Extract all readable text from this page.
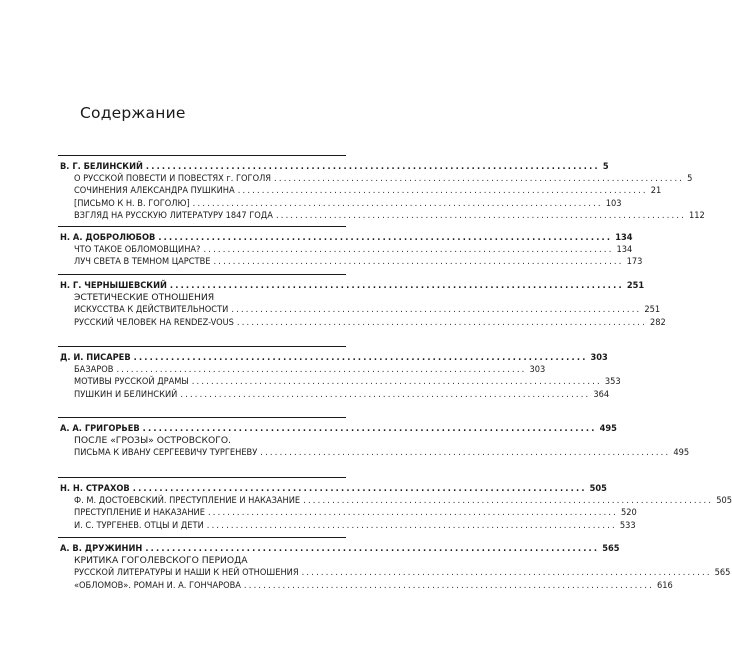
Содержание
В. Г. БЕЛИНСКИЙ ..................................................................................... 5
О РУССКОЙ ПОВЕСТИ И ПОВЕСТЯХ г. ГОГОЛЯ ..................................................................................... 5
СОЧИНЕНИЯ АЛЕКСАНДРА ПУШКИНА ..................................................................................... 21
[ПИСЬМО К Н. В. ГОГОЛЮ] ..................................................................................... 103
ВЗГЛЯД НА РУССКУЮ ЛИТЕРАТУРУ 1847 ГОДА ..................................................................................... 112
Н. А. ДОБРОЛЮБОВ ..................................................................................... 134
ЧТО ТАКОЕ ОБЛОМОВЩИНА? ..................................................................................... 134
ЛУЧ СВЕТА В ТЕМНОМ ЦАРСТВЕ ..................................................................................... 173
Н. Г. ЧЕРНЫШЕВСКИЙ ..................................................................................... 251
ЭСТЕТИЧЕСКИЕ ОТНОШЕНИЯ
ИСКУССТВА К ДЕЙСТВИТЕЛЬНОСТИ ..................................................................................... 251
РУССКИЙ ЧЕЛОВЕК НА RENDEZ-VOUS ..................................................................................... 282
Д. И. ПИСАРЕВ ..................................................................................... 303
БАЗАРОВ ..................................................................................... 303
МОТИВЫ РУССКОЙ ДРАМЫ ..................................................................................... 353
ПУШКИН И БЕЛИНСКИЙ ..................................................................................... 364
А. А. ГРИГОРЬЕВ ..................................................................................... 495
ПОСЛЕ «ГРОЗЫ» ОСТРОВСКОГО.
ПИСЬМА К ИВАНУ СЕРГЕЕВИЧУ ТУРГЕНЕВУ ..................................................................................... 495
Н. Н. СТРАХОВ ..................................................................................... 505
Ф. М. ДОСТОЕВСКИЙ. ПРЕСТУПЛЕНИЕ И НАКАЗАНИЕ ..................................................................................... 505
ПРЕСТУПЛЕНИЕ И НАКАЗАНИЕ ..................................................................................... 520
И. С. ТУРГЕНЕВ. ОТЦЫ И ДЕТИ ..................................................................................... 533
А. В. ДРУЖИНИН ..................................................................................... 565
КРИТИКА ГОГОЛЕВСКОГО ПЕРИОДА
РУССКОЙ ЛИТЕРАТУРЫ И НАШИ К НЕЙ ОТНОШЕНИЯ ..................................................................................... 565
«ОБЛОМОВ». РОМАН И. А. ГОНЧАРОВА ..................................................................................... 616
